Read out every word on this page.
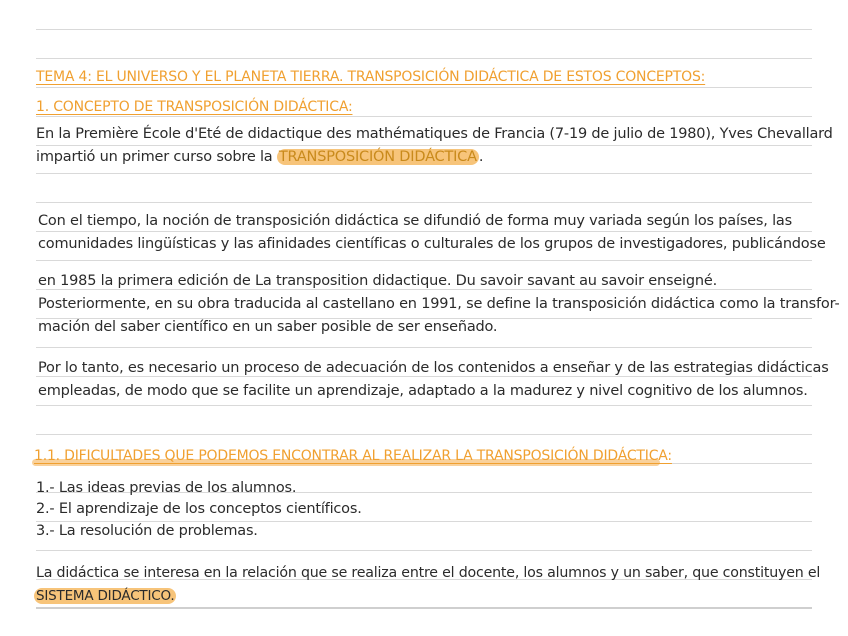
TEMA 4: EL UNIVERSO Y EL PLANETA TIERRA. TRANSPOSICIÓN DIDÁCTICA DE ESTOS CONCEPTOS:
1. CONCEPTO DE TRANSPOSICIÓN DIDÁCTICA:
En la Première École d'Eté de didactique des mathématiques de Francia (7-19 de julio de 1980), Yves Chevallard
impartió un primer curso sobre la TRANSPOSICIÓN DIDÁCTICA .
Con el tiempo, la noción de transposición didáctica se difundió de forma muy variada según los países, las
comunidades lingüísticas y las afinidades científicas o culturales de los grupos de investigadores, publicándose
en 1985 la primera edición de La transposition didactique. Du savoir savant au savoir enseigné.
Posteriormente, en su obra traducida al castellano en 1991, se define la transposición didáctica como la transfor-
mación del saber científico en un saber posible de ser enseñado.
Por lo tanto, es necesario un proceso de adecuación de los contenidos a enseñar y de las estrategias didácticas
empleadas, de modo que se facilite un aprendizaje, adaptado a la madurez y nivel cognitivo de los alumnos.
1.1. DIFICULTADES QUE PODEMOS ENCONTRAR AL REALIZAR LA TRANSPOSICIÓN DIDÁCTICA:
1.- Las ideas previas de los alumnos.
2.- El aprendizaje de los conceptos científicos.
3.- La resolución de problemas.
La didáctica se interesa en la relación que se realiza entre el docente, los alumnos y un saber, que constituyen el
SISTEMA DIDÁCTICO.
